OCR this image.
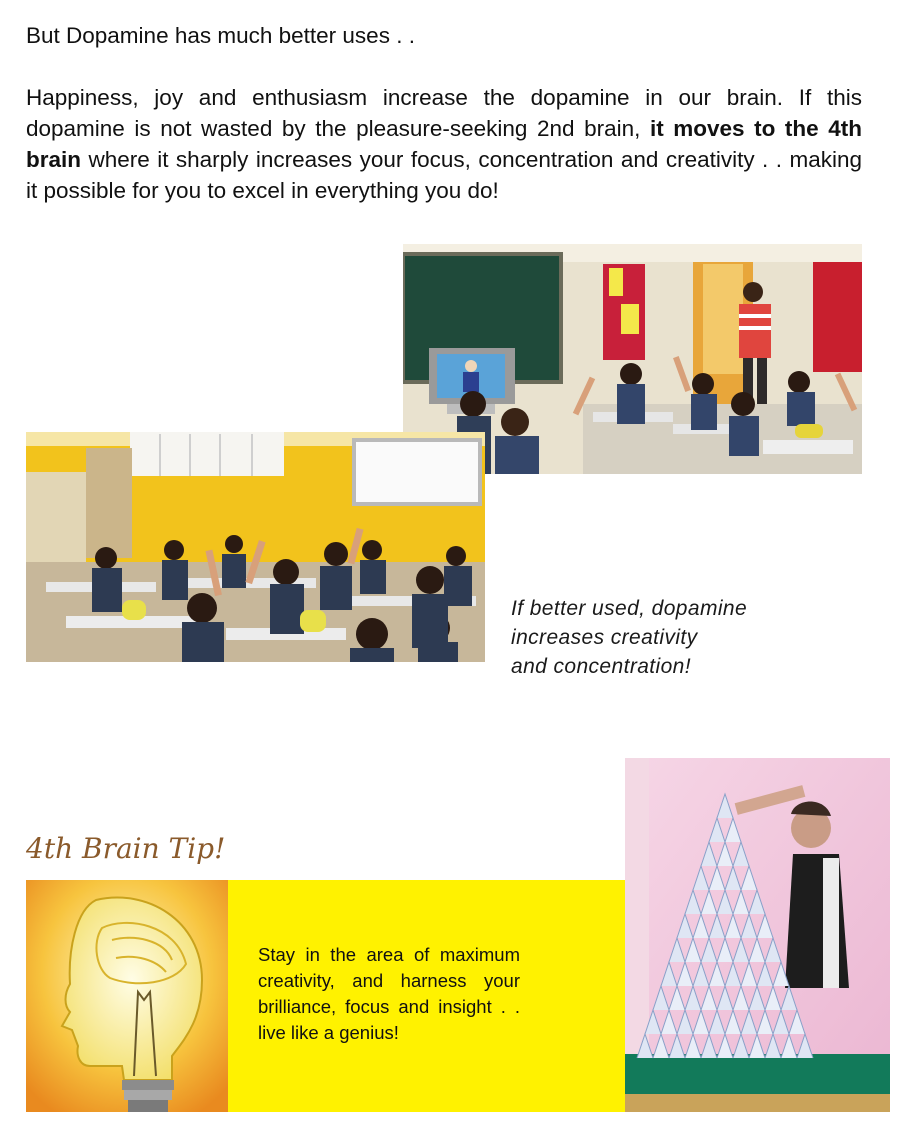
But Dopamine has much better uses . .

Happiness, joy and enthusiasm increase the dopamine in our brain. If this dopamine is not wasted by the pleasure-seeking 2nd brain, it moves to the 4th brain where it sharply increases your focus, concentration and creativity . . making it possible for you to excel in everything you do!

If better used, dopamine
increases creativity
and concentration!
4th Brain Tip!
Stay in the area of maximum creativity, and harness your brilliance, focus and insight . . live like a genius!
